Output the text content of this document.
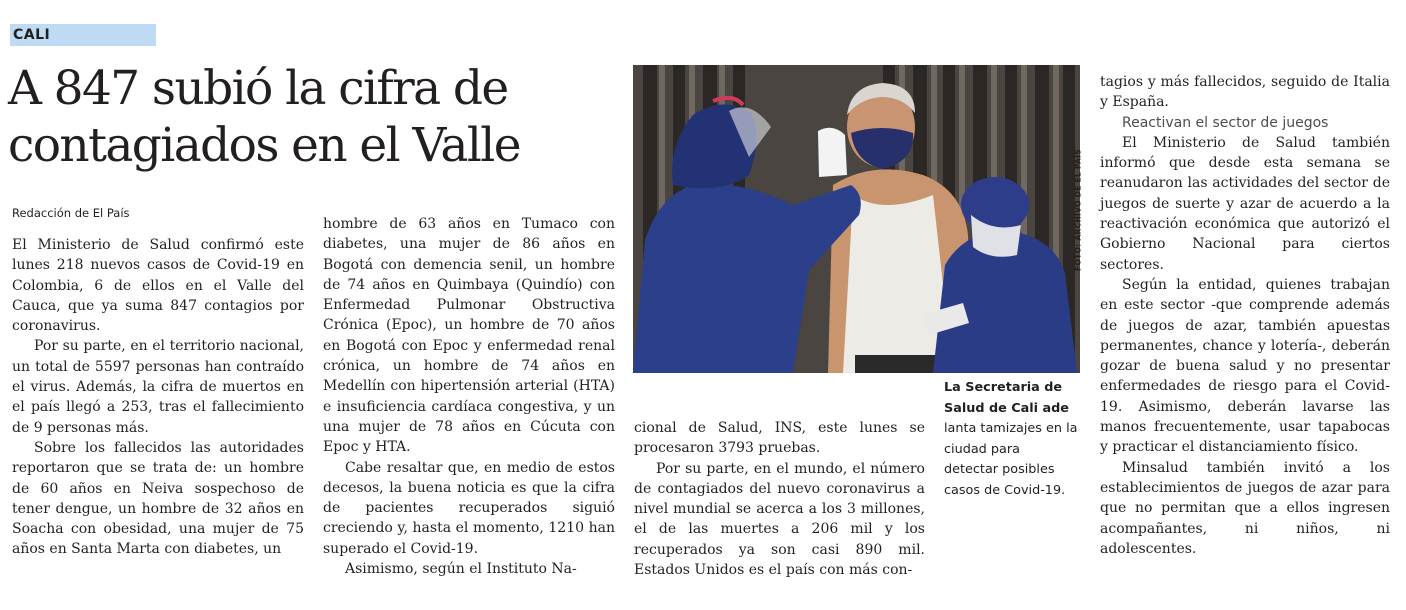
CALI
A 847 subió la cifra de contagiados en el Valle
Redacción de El País

El Ministerio de Salud confirmó este lunes 218 nuevos casos de Covid-19 en Colombia, 6 de ellos en el Valle del Cauca, que ya suma 847 contagios por coronavirus.

Por su parte, en el territorio nacional, un total de 5597 personas han contraído el virus. Además, la cifra de muertos en el país llegó a 253, tras el fallecimiento de 9 personas más.

Sobre los fallecidos las autoridades reportaron que se trata de: un hombre de 60 años en Neiva sospechoso de tener dengue, un hombre de 32 años en Soacha con obesidad, una mujer de 75 años en Santa Marta con diabetes, un

hombre de 63 años en Tumaco con diabetes, una mujer de 86 años en Bogotá con demencia senil, un hombre de 74 años en Quimbaya (Quindío) con Enfermedad Pulmonar Obstructiva Crónica (Epoc), un hombre de 70 años en Bogotá con Epoc y enfermedad renal crónica, un hombre de 74 años en Medellín con hipertensión arterial (HTA) e insuficiencia cardíaca congestiva, y un una mujer de 78 años en Cúcuta con Epoc y HTA.

Cabe resaltar que, en medio de estos decesos, la buena noticia es que la cifra de pacientes recuperados siguió creciendo y, hasta el momento, 1210 han superado el Covid-19.

Asimismo, según el Instituto Na-

FOTO: ARCHIVO DE EL PAÍS
La Secretaria de Salud de Cali ade lanta tamizajes en la ciudad para detectar posibles casos de Covid-19.

cional de Salud, INS, este lunes se procesaron 3793 pruebas.

Por su parte, en el mundo, el número de contagiados del nuevo coronavirus a nivel mundial se acerca a los 3 millones, el de las muertes a 206 mil y los recuperados ya son casi 890 mil. Estados Unidos es el país con más con-

tagios y más fallecidos, seguido de Italia y España.

Reactivan el sector de juegos

El Ministerio de Salud también informó que desde esta semana se reanudaron las actividades del sector de juegos de suerte y azar de acuerdo a la reactivación económica que autorizó el Gobierno Nacional para ciertos sectores.

Según la entidad, quienes trabajan en este sector -que comprende además de juegos de azar, también apuestas permanentes, chance y lotería-, deberán gozar de buena salud y no presentar enfermedades de riesgo para el Covid-19. Asimismo, deberán lavarse las manos frecuentemente, usar tapabocas y practicar el distanciamiento físico.

Minsalud también invitó a los establecimientos de juegos de azar para que no permitan que a ellos ingresen acompañantes, ni niños, ni adolescentes.
